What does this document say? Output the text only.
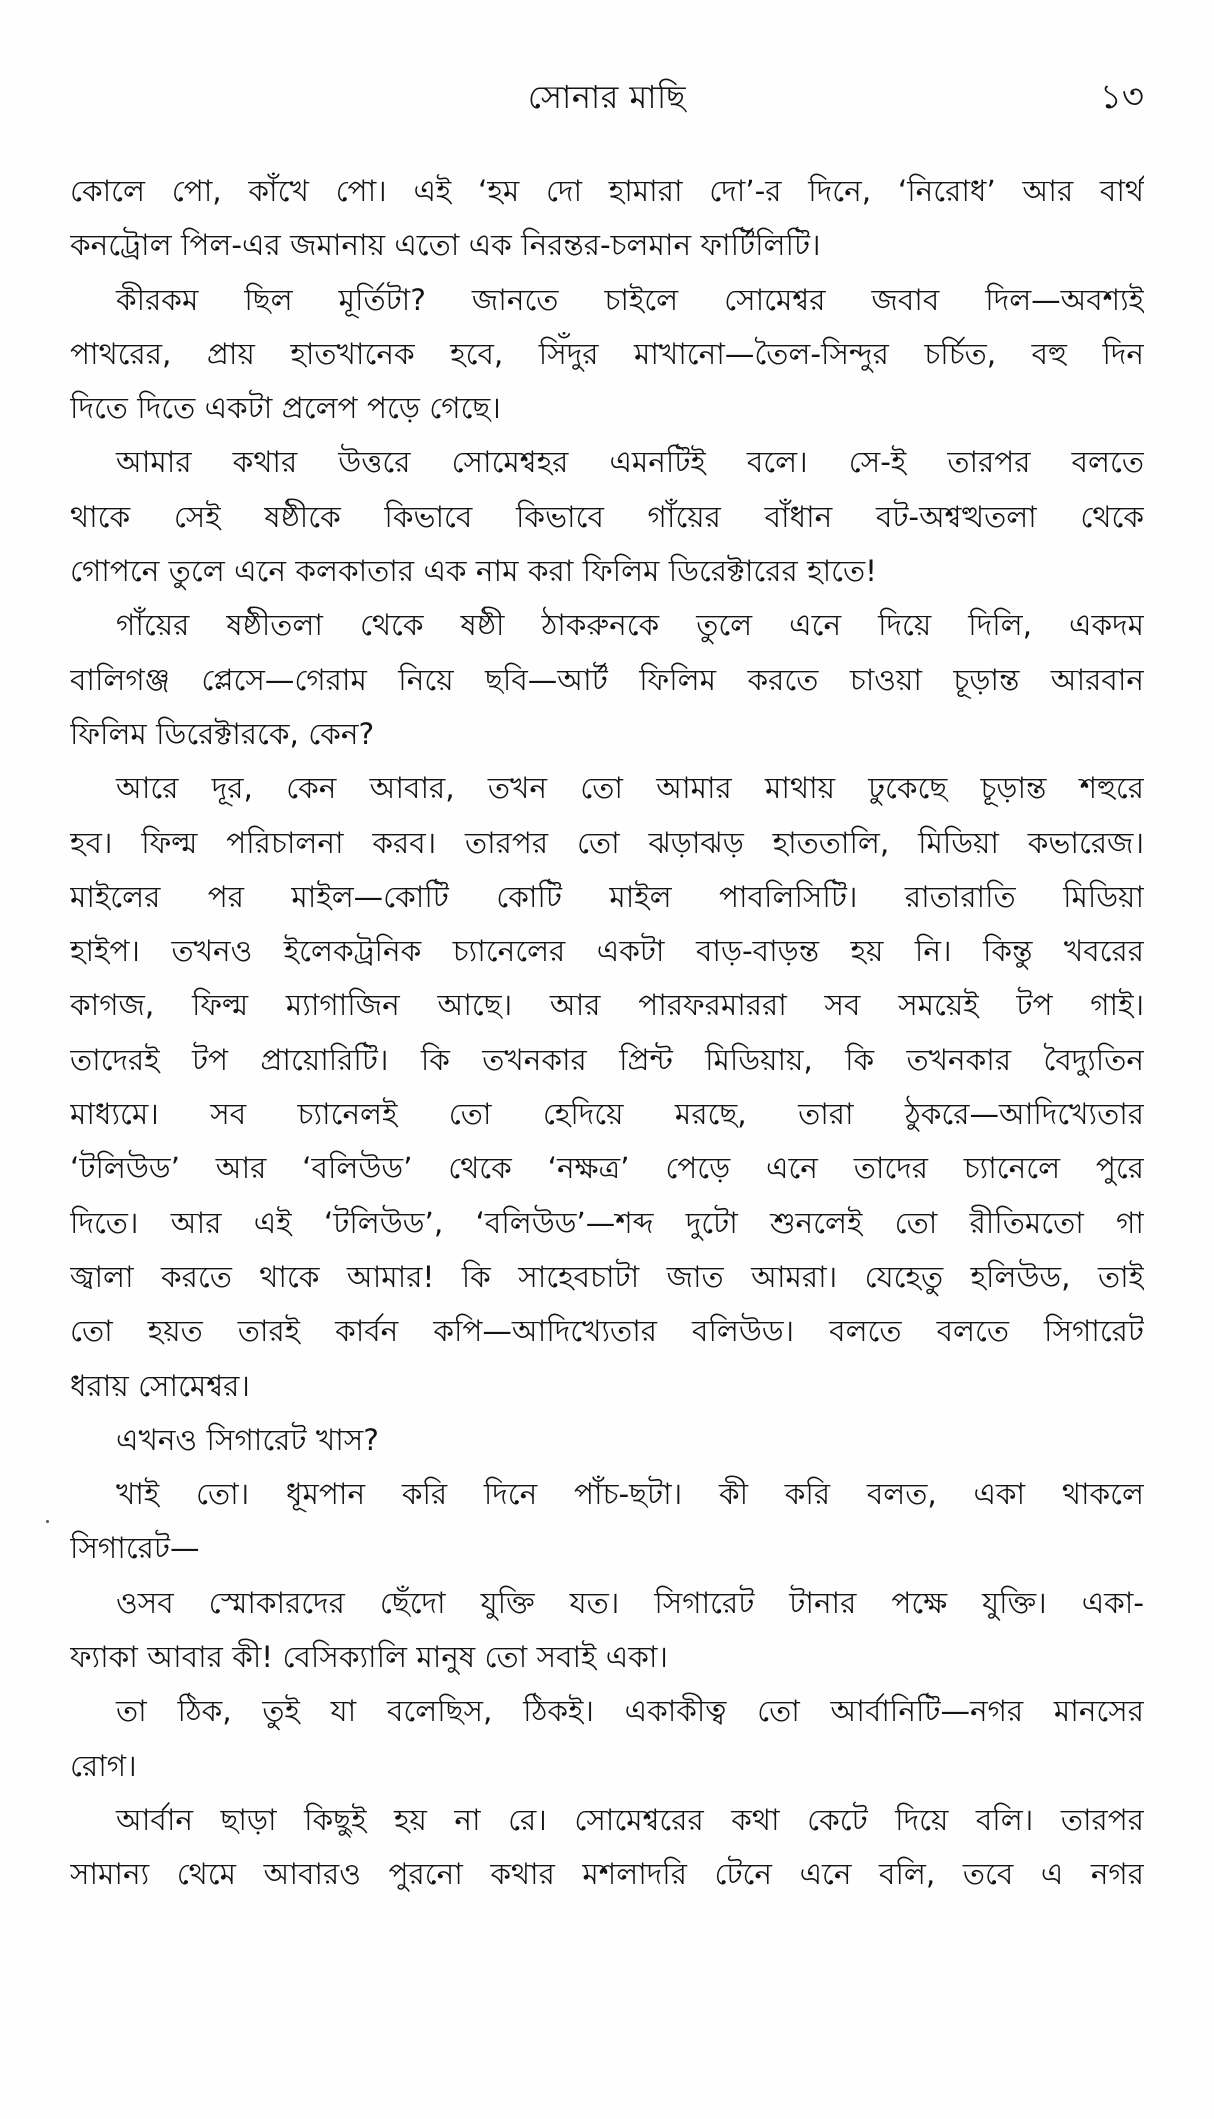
সোনার মাছি	১৩
কোলে পো, কাঁখে পো। এই ‘হম দো হামারা দো’-র দিনে, ‘নিরোধ’ আর বার্থ
কনট্রোল পিল-এর জমানায় এতো এক নিরন্তর-চলমান ফার্টিলিটি।
কীরকম ছিল মূর্তিটা? জানতে চাইলে সোমেশ্বর জবাব দিল—অবশ্যই
পাথরের, প্রায় হাতখানেক হবে, সিঁদুর মাখানো—তৈল-সিন্দুর চর্চিত, বহু দিন
দিতে দিতে একটা প্রলেপ পড়ে গেছে।
আমার কথার উত্তরে সোমেশ্বহর এমনটিই বলে। সে-ই তারপর বলতে
থাকে সেই ষষ্ঠীকে কিভাবে কিভাবে গাঁয়ের বাঁধান বট-অশ্বত্থতলা থেকে
গোপনে তুলে এনে কলকাতার এক নাম করা ফিলিম ডিরেক্টারের হাতে!
গাঁয়ের ষষ্ঠীতলা থেকে ষষ্ঠী ঠাকরুনকে তুলে এনে দিয়ে দিলি, একদম
বালিগঞ্জ প্লেসে—গেরাম নিয়ে ছবি—আর্ট ফিলিম করতে চাওয়া চূড়ান্ত আরবান
ফিলিম ডিরেক্টারকে, কেন?
আরে দূর, কেন আবার, তখন তো আমার মাথায় ঢুকেছে চূড়ান্ত শহুরে
হব। ফিল্ম পরিচালনা করব। তারপর তো ঝড়াঝড় হাততালি, মিডিয়া কভারেজ।
মাইলের পর মাইল—কোটি কোটি মাইল পাবলিসিটি। রাতারাতি মিডিয়া
হাইপ। তখনও ইলেকট্রনিক চ্যানেলের একটা বাড়-বাড়ন্ত হয় নি। কিন্তু খবরের
কাগজ, ফিল্ম ম্যাগাজিন আছে। আর পারফরমাররা সব সময়েই টপ গাই।
তাদেরই টপ প্রায়োরিটি। কি তখনকার প্রিন্ট মিডিয়ায়, কি তখনকার বৈদ্যুতিন
মাধ্যমে। সব চ্যানেলই তো হেদিয়ে মরছে, তারা ঠুকরে—আদিখ্যেতার
‘টলিউড’ আর ‘বলিউড’ থেকে ‘নক্ষত্র’ পেড়ে এনে তাদের চ্যানেলে পুরে
দিতে। আর এই ‘টলিউড’, ‘বলিউড’—শব্দ দুটো শুনলেই তো রীতিমতো গা
জ্বালা করতে থাকে আমার! কি সাহেবচাটা জাত আমরা। যেহেতু হলিউড, তাই
তো হয়ত তারই কার্বন কপি—আদিখ্যেতার বলিউড। বলতে বলতে সিগারেট
ধরায় সোমেশ্বর।
এখনও সিগারেট খাস?
খাই তো। ধূমপান করি দিনে পাঁচ-ছটা। কী করি বলত, একা থাকলে
সিগারেট—
ওসব স্মোকারদের ছেঁদো যুক্তি যত। সিগারেট টানার পক্ষে যুক্তি। একা-
ফ্যাকা আবার কী! বেসিক্যালি মানুষ তো সবাই একা।
তা ঠিক, তুই যা বলেছিস, ঠিকই। একাকীত্ব তো আর্বানিটি—নগর মানসের
রোগ।
আর্বান ছাড়া কিছুই হয় না রে। সোমেশ্বরের কথা কেটে দিয়ে বলি। তারপর
সামান্য থেমে আবারও পুরনো কথার মশলাদরি টেনে এনে বলি, তবে এ নগর
